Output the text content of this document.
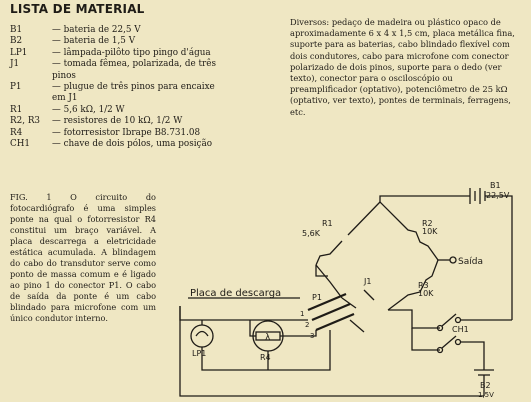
LISTA DE MATERIAL
B1	— bateria de 22,5 V
B2	— bateria de 1,5 V
LP1	— lâmpada-pilôto tipo pingo d'água
J1	— tomada fêmea, polarizada, de três
pinos
P1	— plugue de três pinos para encaixe
em J1
R1	— 5,6 kΩ, 1/2 W
R2, R3	— resistores de 10 kΩ, 1/2 W
R4	— fotorresistor Ibrape B8.731.08
CH1	— chave de dois pólos, uma posição
Diversos: pedaço de madeira ou plástico opaco de aproximadamente 6 x 4 x 1,5 cm, placa metálica fina, suporte para as baterias, cabo blindado flexível com dois condutores, cabo para microfone com conector polarizado de dois pinos, suporte para o dedo (ver texto), conector para o osciloscópio ou preamplificador (optativo), potenciômetro de 25 kΩ (optativo, ver texto), pontes de terminais, ferragens, etc.
FIG. 1 O circuito do fotocardiógrafo é uma simples ponte na qual o fotorresistor R4 constitui um braço variável. A placa descarrega a eletricidade estática acumulada. A blindagem do cabo do transdutor serve como ponto de massa comum e é ligado ao pino 1 do conector P1. O cabo de saída da ponte é um cabo blindado para microfone com um único condutor interno.
R1
5,6K
R2
10K
R3
10K
B1
22,5V
Saída
CH1
B2
1,5V
Placa de descarga	P1
J1
LP1	R4
λ
1
2
3
